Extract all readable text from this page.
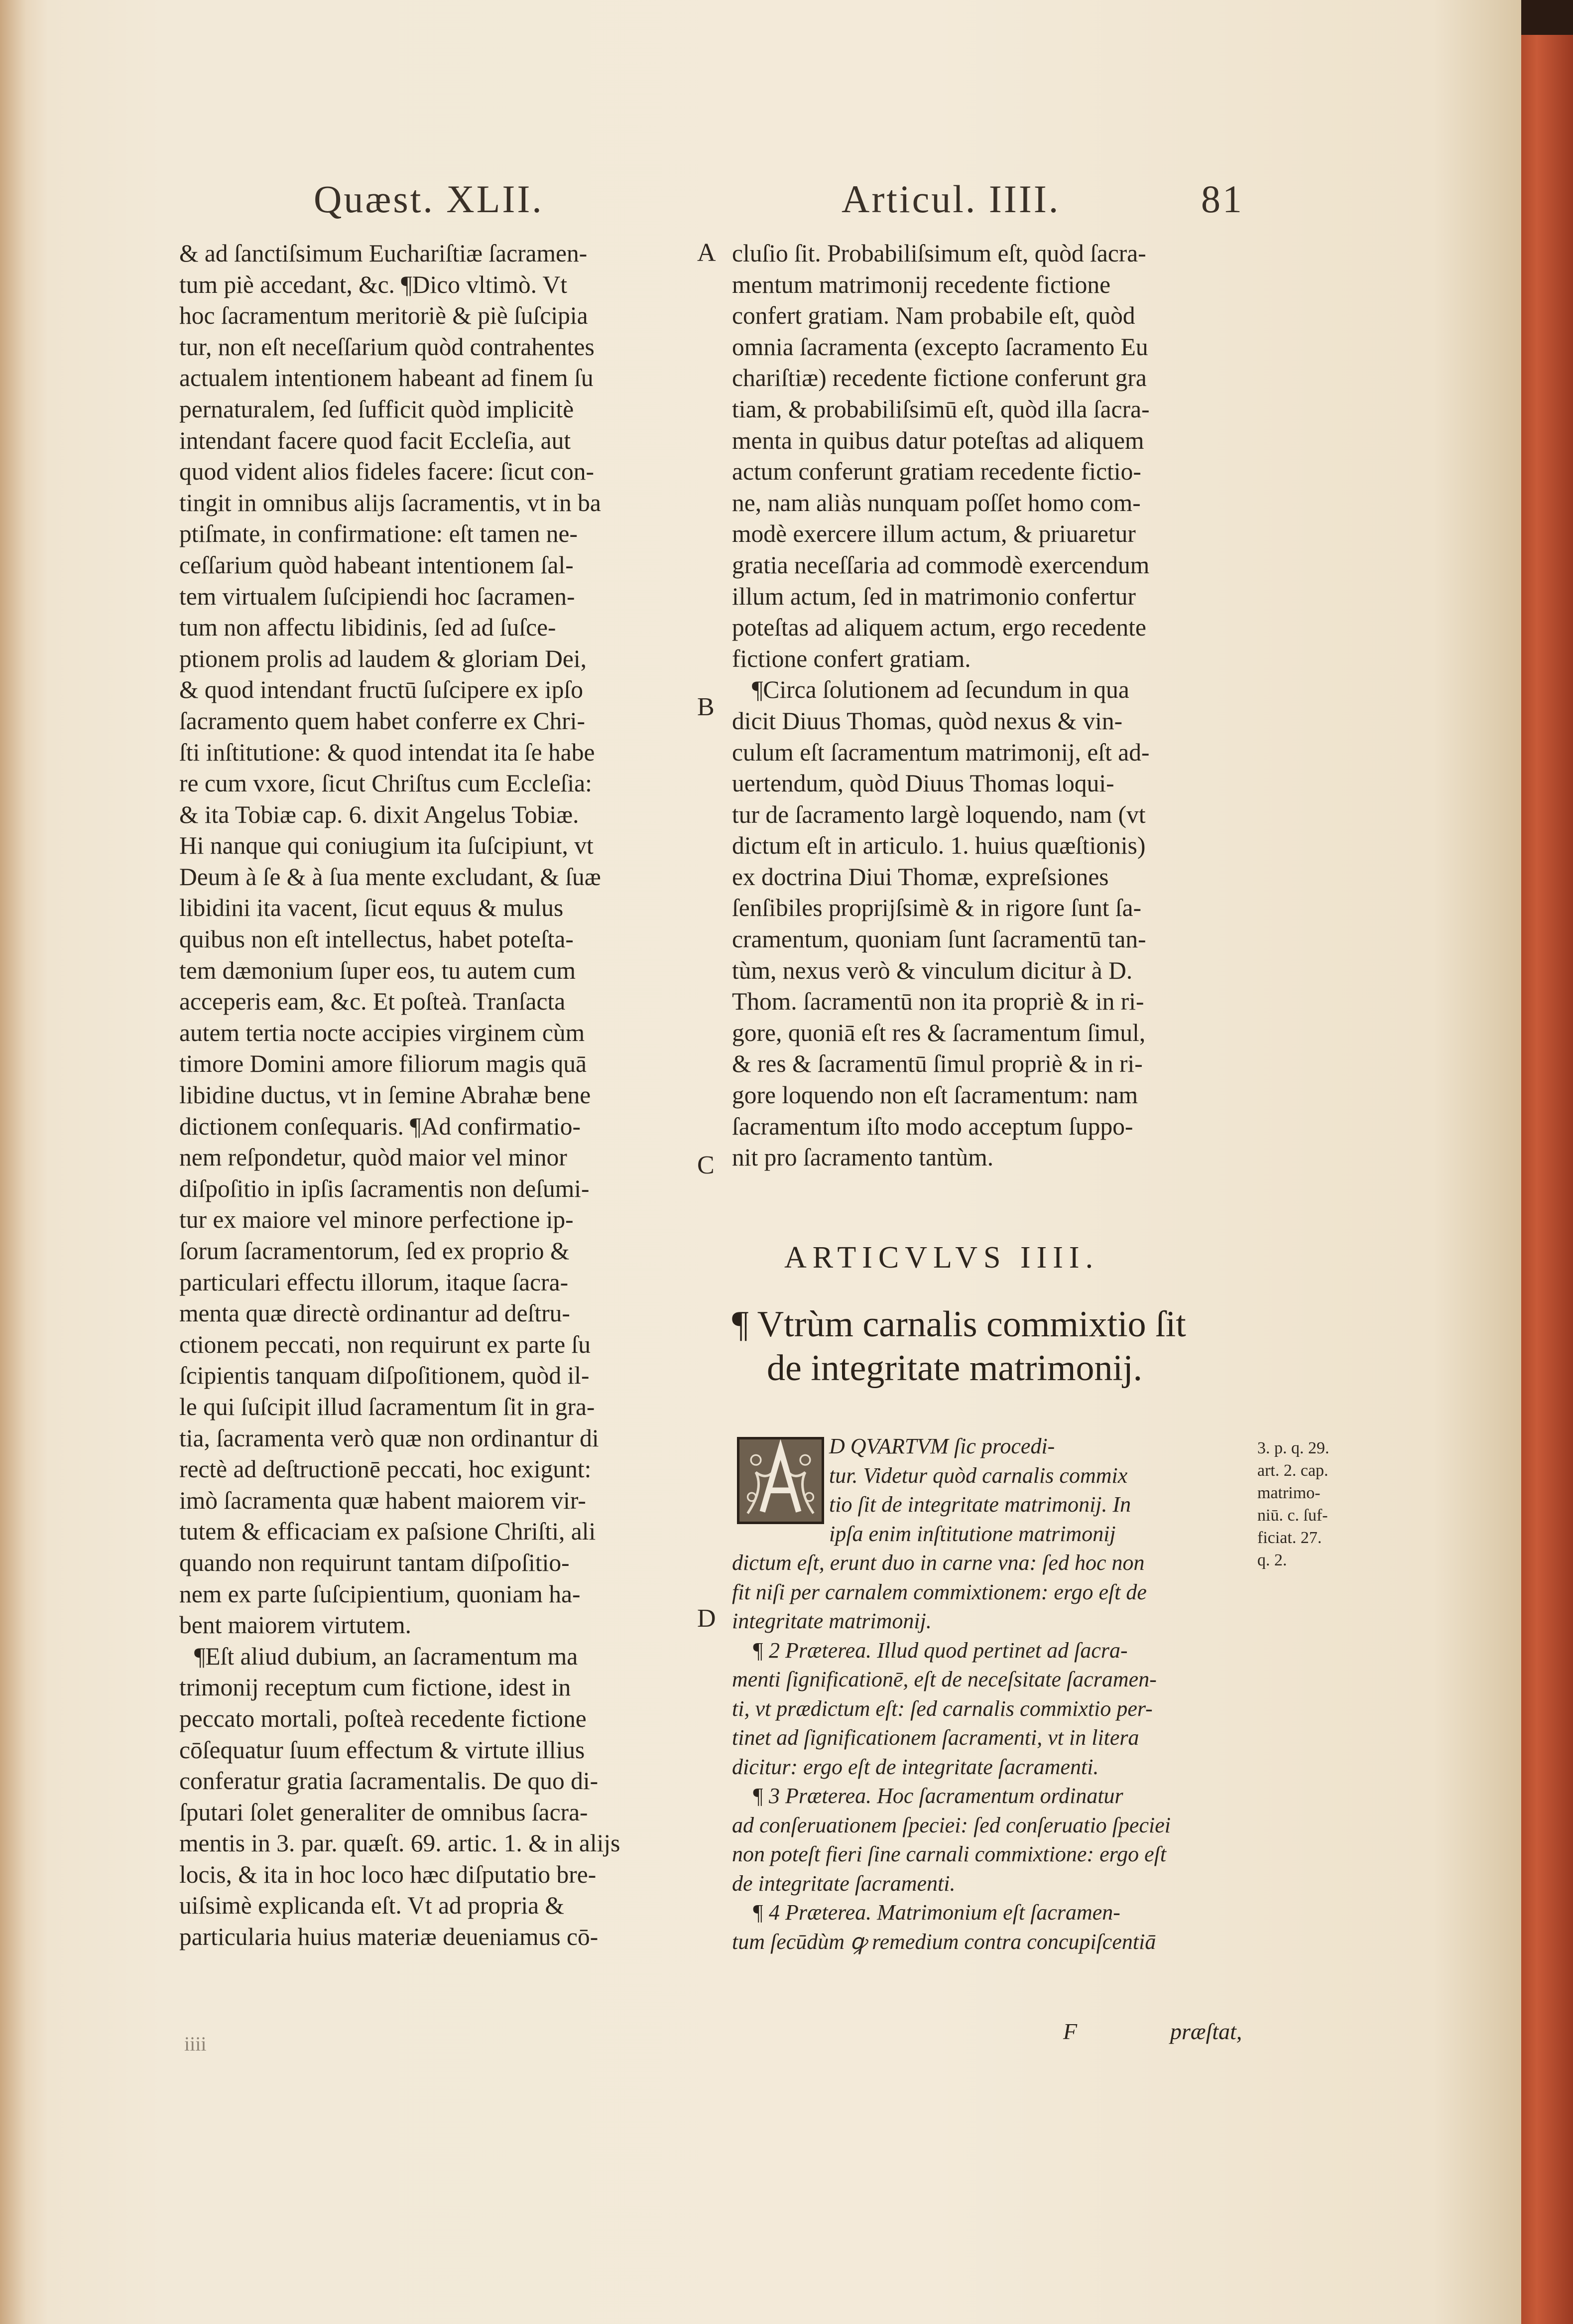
Quæst. XLII.	Articul. IIII.	81
A
B
C
D
& ad ſanctiſsimum Euchariſtiæ ſacramen-
tum piè accedant, &c. ¶Dico vltimò. Vt
hoc ſacramentum meritoriè & piè ſuſcipia
tur, non eſt neceſſarium quòd contrahentes
actualem intentionem habeant ad finem ſu
pernaturalem, ſed ſufficit quòd implicitè
intendant facere quod facit Eccleſia, aut
quod vident alios fideles facere: ſicut con-
tingit in omnibus alijs ſacramentis, vt in ba
ptiſmate, in confirmatione: eſt tamen ne-
ceſſarium quòd habeant intentionem ſal-
tem virtualem ſuſcipiendi hoc ſacramen-
tum non affectu libidinis, ſed ad ſuſce-
ptionem prolis ad laudem & gloriam Dei,
& quod intendant fructū ſuſcipere ex ipſo
ſacramento quem habet conferre ex Chri-
ſti inſtitutione: & quod intendat ita ſe habe
re cum vxore, ſicut Chriſtus cum Eccleſia:
& ita Tobiæ cap. 6. dixit Angelus Tobiæ.
Hi nanque qui coniugium ita ſuſcipiunt, vt
Deum à ſe & à ſua mente excludant, & ſuæ
libidini ita vacent, ſicut equus & mulus
quibus non eſt intellectus, habet poteſta-
tem dæmonium ſuper eos, tu autem cum
acceperis eam, &c. Et poſteà. Tranſacta
autem tertia nocte accipies virginem cùm
timore Domini amore filiorum magis quā
libidine ductus, vt in ſemine Abrahæ bene
dictionem conſequaris. ¶Ad confirmatio-
nem reſpondetur, quòd maior vel minor
diſpoſitio in ipſis ſacramentis non deſumi-
tur ex maiore vel minore perfectione ip-
ſorum ſacramentorum, ſed ex proprio &
particulari effectu illorum, itaque ſacra-
menta quæ directè ordinantur ad deſtru-
ctionem peccati, non requirunt ex parte ſu
ſcipientis tanquam diſpoſitionem, quòd il-
le qui ſuſcipit illud ſacramentum ſit in gra-
tia, ſacramenta verò quæ non ordinantur di
rectè ad deſtructionē peccati, hoc exigunt:
imò ſacramenta quæ habent maiorem vir-
tutem & efficaciam ex paſsione Chriſti, ali
quando non requirunt tantam diſpoſitio-
nem ex parte ſuſcipientium, quoniam ha-
bent maiorem virtutem.
¶Eſt aliud dubium, an ſacramentum ma
trimonij receptum cum fictione, idest in
peccato mortali, poſteà recedente fictione
cōſequatur ſuum effectum & virtute illius
conferatur gratia ſacramentalis. De quo di-
ſputari ſolet generaliter de omnibus ſacra-
mentis in 3. par. quæſt. 69. artic. 1. & in alijs
locis, & ita in hoc loco hæc diſputatio bre-
uiſsimè explicanda eſt. Vt ad propria &
particularia huius materiæ deueniamus cō-
cluſio ſit. Probabiliſsimum eſt, quòd ſacra-
mentum matrimonij recedente fictione
confert gratiam. Nam probabile eſt, quòd
omnia ſacramenta (excepto ſacramento Eu
chariſtiæ) recedente fictione conferunt gra
tiam, & probabiliſsimū eſt, quòd illa ſacra-
menta in quibus datur poteſtas ad aliquem
actum conferunt gratiam recedente fictio-
ne, nam aliàs nunquam poſſet homo com-
modè exercere illum actum, & priuaretur
gratia neceſſaria ad commodè exercendum
illum actum, ſed in matrimonio confertur
poteſtas ad aliquem actum, ergo recedente
fictione confert gratiam.
¶Circa ſolutionem ad ſecundum in qua
dicit Diuus Thomas, quòd nexus & vin-
culum eſt ſacramentum matrimonij, eſt ad-
uertendum, quòd Diuus Thomas loqui-
tur de ſacramento largè loquendo, nam (vt
dictum eſt in articulo. 1. huius quæſtionis)
ex doctrina Diui Thomæ, expreſsiones
ſenſibiles proprijſsimè & in rigore ſunt ſa-
cramentum, quoniam ſunt ſacramentū tan-
tùm, nexus verò & vinculum dicitur à D.
Thom. ſacramentū non ita propriè & in ri-
gore, quoniā eſt res & ſacramentum ſimul,
& res & ſacramentū ſimul propriè & in ri-
gore loquendo non eſt ſacramentum: nam
ſacramentum iſto modo acceptum ſuppo-
nit pro ſacramento tantùm.
ARTICVLVS IIII.
¶ Vtrùm carnalis commixtio ſit
de integritate matrimonij.
D QVARTVM ſic procedi-
tur. Videtur quòd carnalis commix
tio ſit de integritate matrimonij. In
ipſa enim inſtitutione matrimonij
dictum eſt, erunt duo in carne vna: ſed hoc non
fit niſi per carnalem commixtionem: ergo eſt de
integritate matrimonij.
¶ 2 Præterea. Illud quod pertinet ad ſacra-
menti ſignificationē, eſt de neceſsitate ſacramen-
ti, vt prædictum eſt: ſed carnalis commixtio per-
tinet ad ſignificationem ſacramenti, vt in litera
dicitur: ergo eſt de integritate ſacramenti.
¶ 3 Præterea. Hoc ſacramentum ordinatur
ad conſeruationem ſpeciei: ſed conſeruatio ſpeciei
non poteſt fieri ſine carnali commixtione: ergo eſt
de integritate ſacramenti.
¶ 4 Præterea. Matrimonium eſt ſacramen-
tum ſecūdùm ꝙ remedium contra concupiſcentiā
3. p. q. 29.
art. 2. cap.
matrimo-
niū. c. ſuf-
ficiat. 27.
q. 2.
F	præſtat,
iiii
